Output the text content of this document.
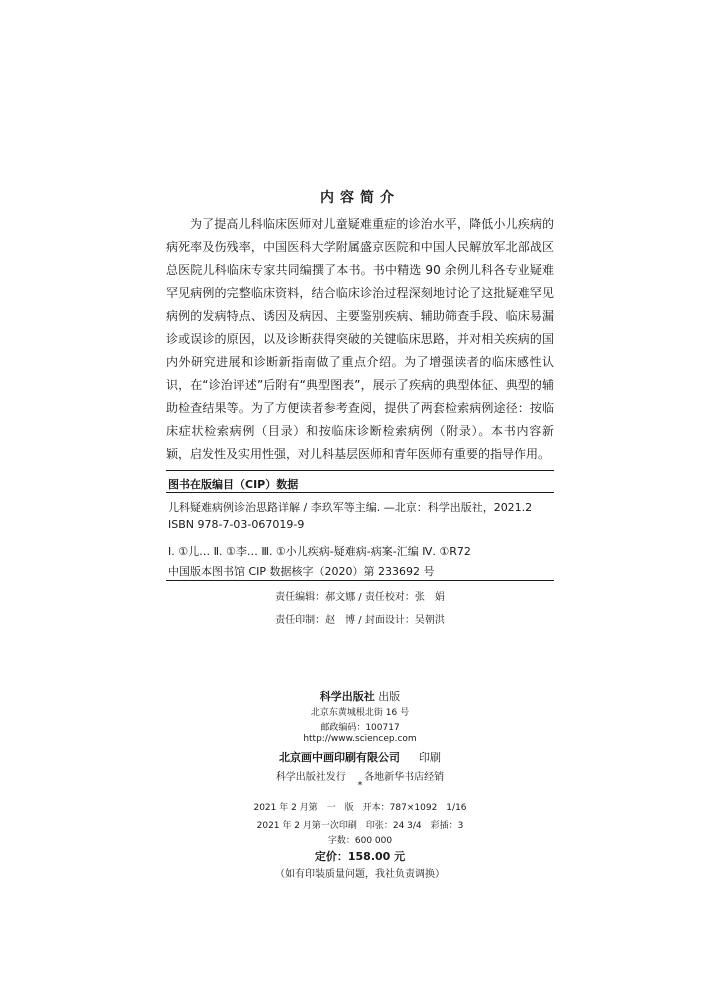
内容简介

为了提高儿科临床医师对儿童疑难重症的诊治水平，降低小儿疾病的病死率及伤残率，中国医科大学附属盛京医院和中国人民解放军北部战区总医院儿科临床专家共同编撰了本书。书中精选 90 余例儿科各专业疑难罕见病例的完整临床资料，结合临床诊治过程深刻地讨论了这批疑难罕见病例的发病特点、诱因及病因、主要鉴别疾病、辅助筛查手段、临床易漏诊或误诊的原因，以及诊断获得突破的关键临床思路，并对相关疾病的国内外研究进展和诊断新指南做了重点介绍。为了增强读者的临床感性认识，在“诊治评述”后附有“典型图表”，展示了疾病的典型体征、典型的辅助检查结果等。为了方便读者参考查阅，提供了两套检索病例途径：按临床症状检索病例（目录）和按临床诊断检索病例（附录）。本书内容新颖，启发性及实用性强，对儿科基层医师和青年医师有重要的指导作用。

图书在版编目（CIP）数据
儿科疑难病例诊治思路详解 / 李玖军等主编. —北京：科学出版社，2021.2
ISBN 978-7-03-067019-9
Ⅰ. ①儿… Ⅱ. ①李… Ⅲ. ①小儿疾病-疑难病-病案-汇编 Ⅳ. ①R72
中国版本图书馆 CIP 数据核字（2020）第 233692 号
责任编辑：郝文娜 / 责任校对：张　娟
责任印制：赵　博 / 封面设计：吴朝洪
科学出版社 出版
北京东黄城根北街 16 号
邮政编码：100717
http://www.sciencep.com
北京画中画印刷有限公司 印刷
科学出版社发行 各地新华书店经销
*
2021 年 2 月第　一　版　开本：787×1092　1/16
2021 年 2 月第一次印刷　印张：24 3/4　彩插：3
字数：600 000
定价：158.00 元
（如有印装质量问题，我社负责调换）
